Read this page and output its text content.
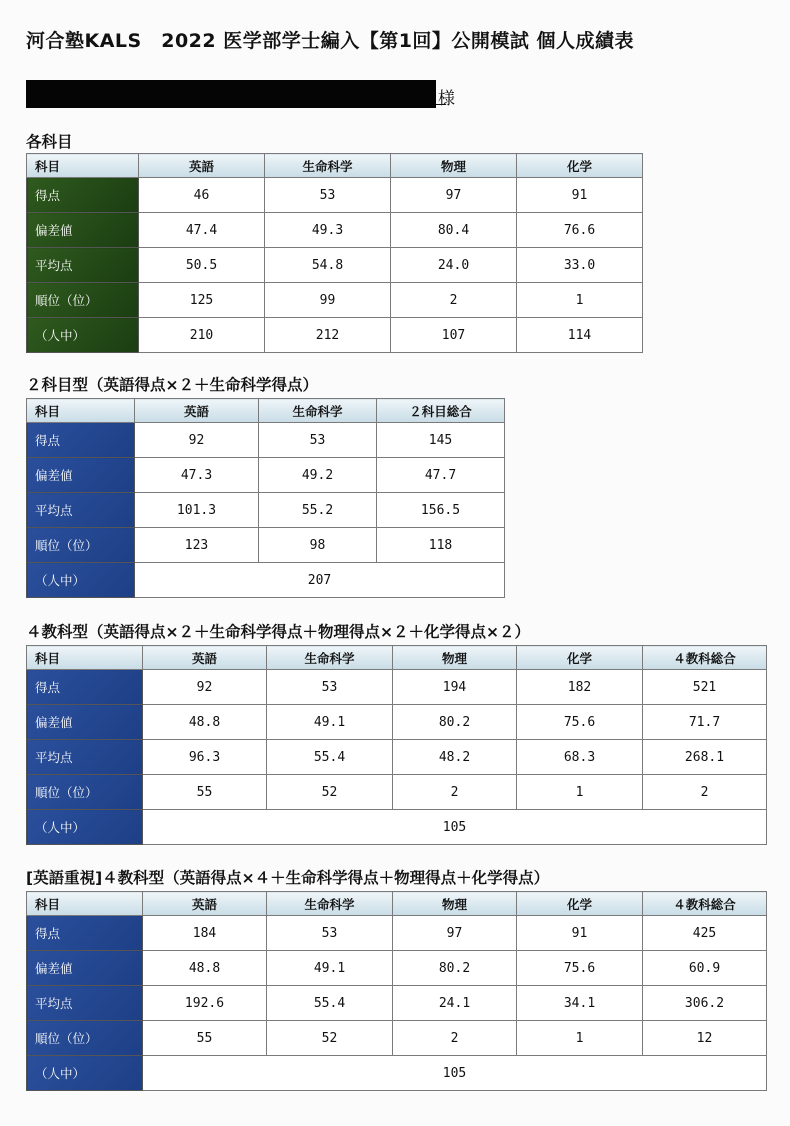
河合塾KALS　2022 医学部学士編入【第1回】公開模試 個人成績表
様
各科目
科目	英語	生命科学	物理	化学
得点	46	53	97	91
偏差値	47.4	49.3	80.4	76.6
平均点	50.5	54.8	24.0	33.0
順位（位）	125	99	2	1
（人中）	210	212	107	114
２科目型（英語得点×２＋生命科学得点）
科目	英語	生命科学	２科目総合
得点	92	53	145
偏差値	47.3	49.2	47.7
平均点	101.3	55.2	156.5
順位（位）	123	98	118
（人中）	207		
４教科型（英語得点×２＋生命科学得点＋物理得点×２＋化学得点×２）
科目	英語	生命科学	物理	化学	４教科総合
得点	92	53	194	182	521
偏差値	48.8	49.1	80.2	75.6	71.7
平均点	96.3	55.4	48.2	68.3	268.1
順位（位）	55	52	2	1	2
（人中）	105				
[英語重視]４教科型（英語得点×４＋生命科学得点＋物理得点＋化学得点）
科目	英語	生命科学	物理	化学	４教科総合
得点	184	53	97	91	425
偏差値	48.8	49.1	80.2	75.6	60.9
平均点	192.6	55.4	24.1	34.1	306.2
順位（位）	55	52	2	1	12
（人中）	105				
